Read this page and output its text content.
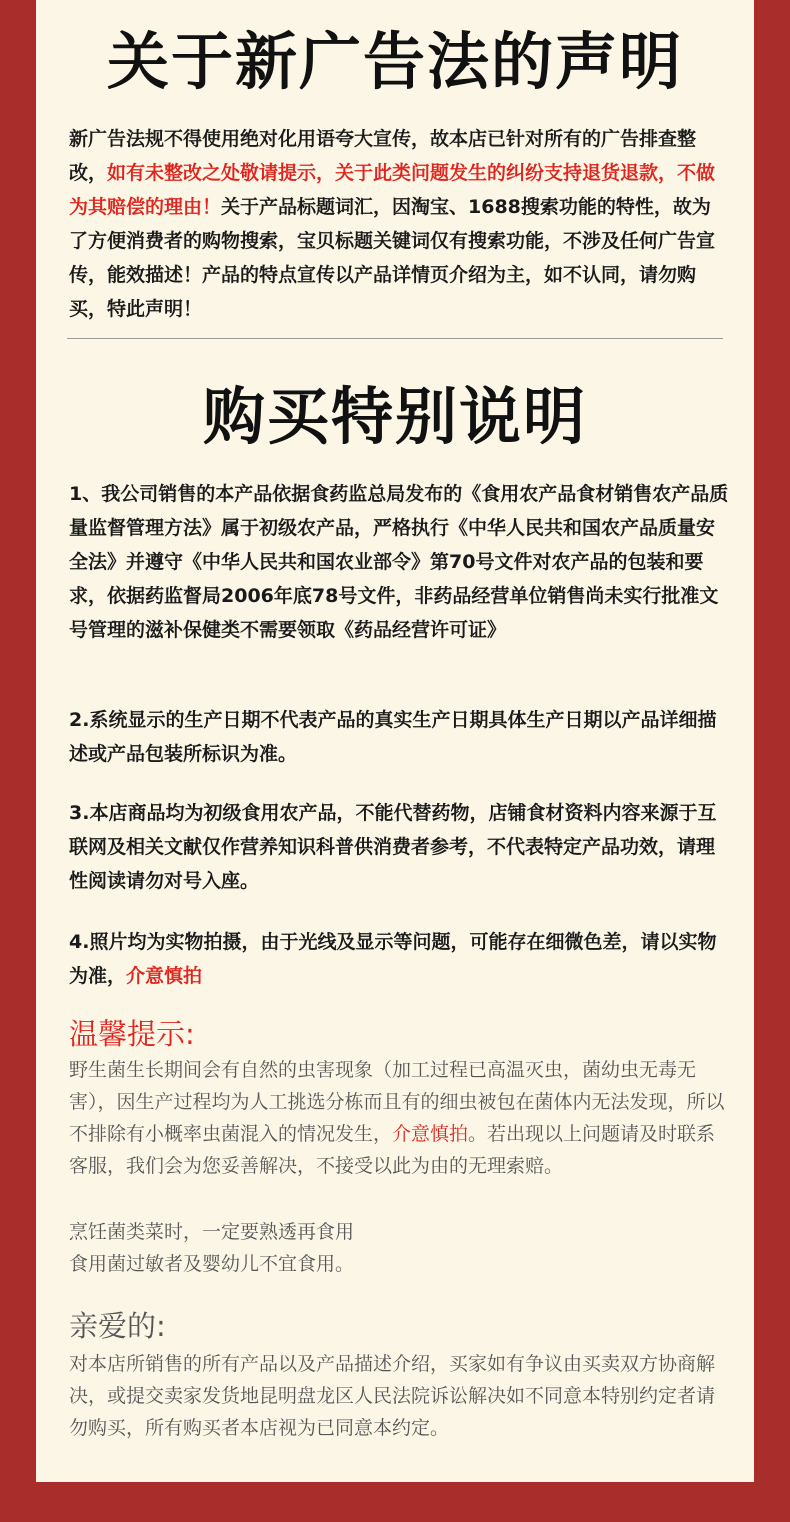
关于新广告法的声明
新广告法规不得使用绝对化用语夸大宣传，故本店已针对所有的广告排查整改，如有未整改之处敬请提示，关于此类问题发生的纠纷支持退货退款，不做为其赔偿的理由！关于产品标题词汇，因淘宝、1688搜索功能的特性，故为了方便消费者的购物搜索，宝贝标题关键词仅有搜索功能，不涉及任何广告宣传，能效描述！产品的特点宣传以产品详情页介绍为主，如不认同，请勿购买，特此声明！
购买特别说明
1、我公司销售的本产品依据食药监总局发布的《食用农产品食材销售农产品质量监督管理方法》属于初级农产品，严格执行《中华人民共和国农产品质量安全法》并遵守《中华人民共和国农业部令》第70号文件对农产品的包装和要求，依据药监督局2006年底78号文件，非药品经营单位销售尚未实行批准文号管理的滋补保健类不需要领取《药品经营许可证》
2.系统显示的生产日期不代表产品的真实生产日期具体生产日期以产品详细描述或产品包装所标识为准。
3.本店商品均为初级食用农产品，不能代替药物，店铺食材资料内容来源于互联网及相关文献仅作营养知识科普供消费者参考，不代表特定产品功效，请理性阅读请勿对号入座。
4.照片均为实物拍摄，由于光线及显示等问题，可能存在细微色差，请以实物为准，介意慎拍
温馨提示:
野生菌生长期间会有自然的虫害现象（加工过程已高温灭虫，菌幼虫无毒无害），因生产过程均为人工挑选分栋而且有的细虫被包在菌体内无法发现，所以不排除有小概率虫菌混入的情况发生，介意慎拍。若出现以上问题请及时联系客服，我们会为您妥善解决，不接受以此为由的无理索赔。
烹饪菌类菜时，一定要熟透再食用
食用菌过敏者及婴幼儿不宜食用。
亲爱的:
对本店所销售的所有产品以及产品描述介绍，买家如有争议由买卖双方协商解决，或提交卖家发货地昆明盘龙区人民法院诉讼解决如不同意本特别约定者请勿购买，所有购买者本店视为已同意本约定。
